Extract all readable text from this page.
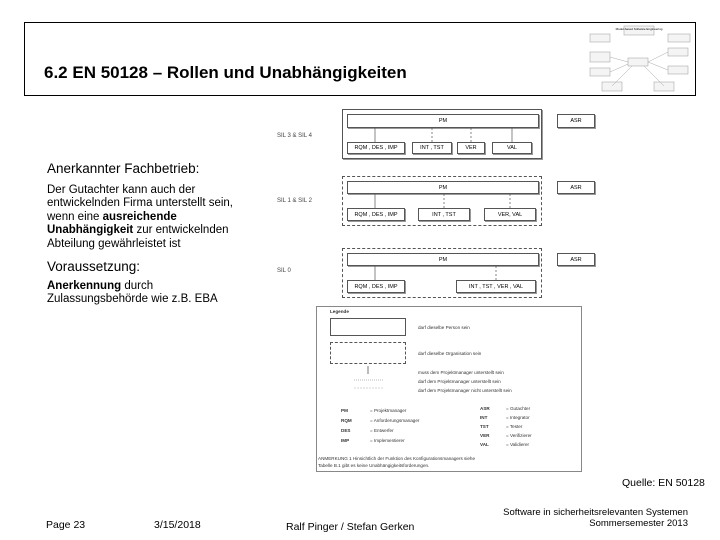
6.2 EN 50128 – Rollen und Unabhängigkeiten
Model-based Software Engineering
Anerkannter Fachbetrieb:
Der Gutachter kann auch der
entwickelnden Firma unterstellt sein,
wenn eine ausreichende
Unabhängigkeit zur entwickelnden
Abteilung gewährleistet ist
Voraussetzung:
Anerkennung durch
Zulassungsbehörde wie z.B. EBA
SIL 3 & SIL 4
SIL 1 & SIL 2
SIL 0
PM
RQM , DES , IMP	INT , TST	VER	VAL
ASR
PM
RQM , DES , IMP	INT , TST	VER, VAL
ASR
PM
RQM , DES , IMP	INT , TST , VER , VAL
ASR
Legende
darf dieselbe Person sein
darf dieselbe Organisation sein
muss dem Projektmanager unterstellt sein
darf dem Projektmanager unterstellt sein
darf dem Projektmanager nicht unterstellt sein
PM	= Projektmanager
RQM	= Anforderungsmanager
DES	= Entwerfer
IMP	= Implementierer
ASR	= Gutachter
INT	= Integrator
TST	= Tester
VER	= Verifizierer
VAL	= Validierer
ANMERKUNG 1 Hinsichtlich der Funktion des Konfigurationsmanagers siehe
Tabelle B.1 gibt es keine Unabhängigkeitsforderungen.
Quelle: EN 50128
Page 23	3/15/2018	Ralf Pinger / Stefan Gerken
Software in sicherheitsrelevanten Systemen
Sommersemester 2013
